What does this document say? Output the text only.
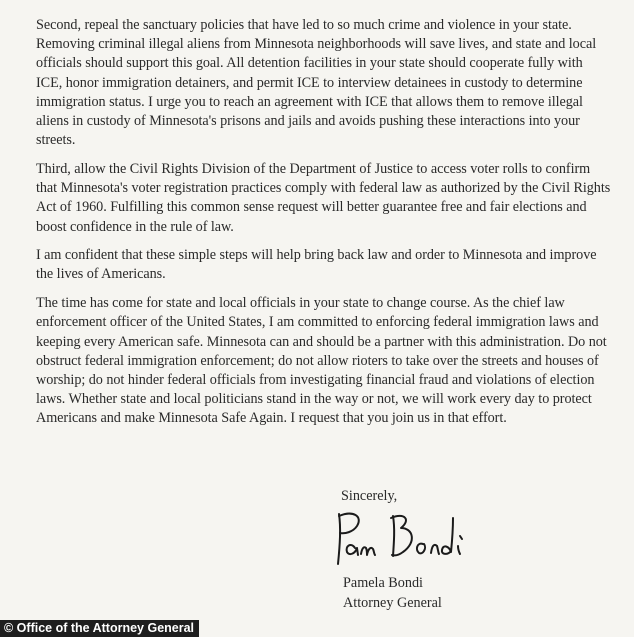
Second, repeal the sanctuary policies that have led to so much crime and violence in your state. Removing criminal illegal aliens from Minnesota neighborhoods will save lives, and state and local officials should support this goal. All detention facilities in your state should cooperate fully with ICE, honor immigration detainers, and permit ICE to interview detainees in custody to determine immigration status. I urge you to reach an agreement with ICE that allows them to remove illegal aliens in custody of Minnesota's prisons and jails and avoids pushing these interactions into your streets.

Third, allow the Civil Rights Division of the Department of Justice to access voter rolls to confirm that Minnesota's voter registration practices comply with federal law as authorized by the Civil Rights Act of 1960. Fulfilling this common sense request will better guarantee free and fair elections and boost confidence in the rule of law.

I am confident that these simple steps will help bring back law and order to Minnesota and improve the lives of Americans.

The time has come for state and local officials in your state to change course. As the chief law enforcement officer of the United States, I am committed to enforcing federal immigration laws and keeping every American safe. Minnesota can and should be a partner with this administration. Do not obstruct federal immigration enforcement; do not allow rioters to take over the streets and houses of worship; do not hinder federal officials from investigating financial fraud and violations of election laws. Whether state and local politicians stand in the way or not, we will work every day to protect Americans and make Minnesota Safe Again. I request that you join us in that effort.

Sincerely,
Pamela Bondi
Attorney General
© Office of the Attorney General
